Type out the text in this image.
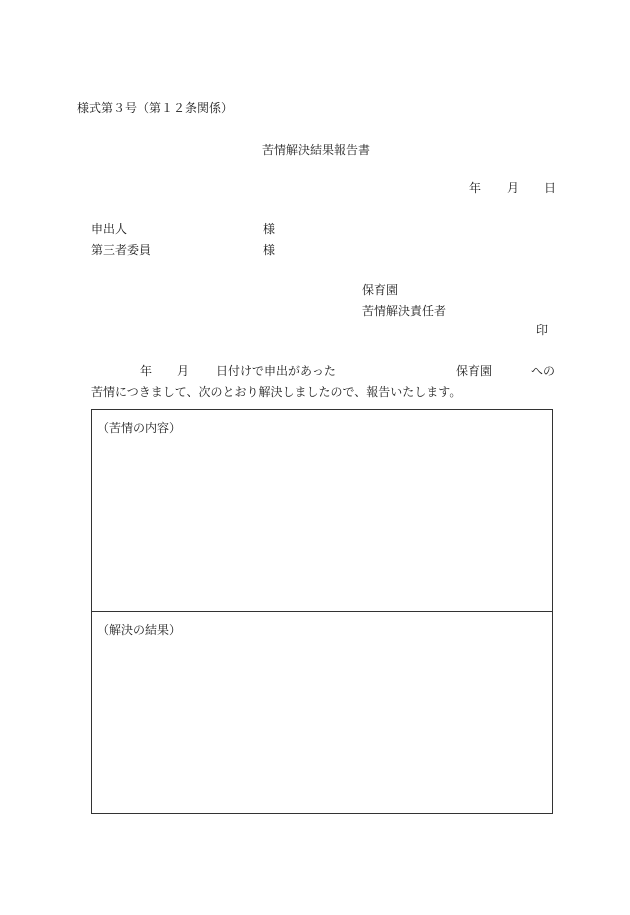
様式第３号（第１２条関係）
苦情解決結果報告書
年 月 日
申出人	様
第三者委員	様
保育園
苦情解決責任者
印
年 月 日付けで申出があった	保育園	への
苦情につきまして、次のとおり解決しましたので、報告いたします。
（苦情の内容）
（解決の結果）
